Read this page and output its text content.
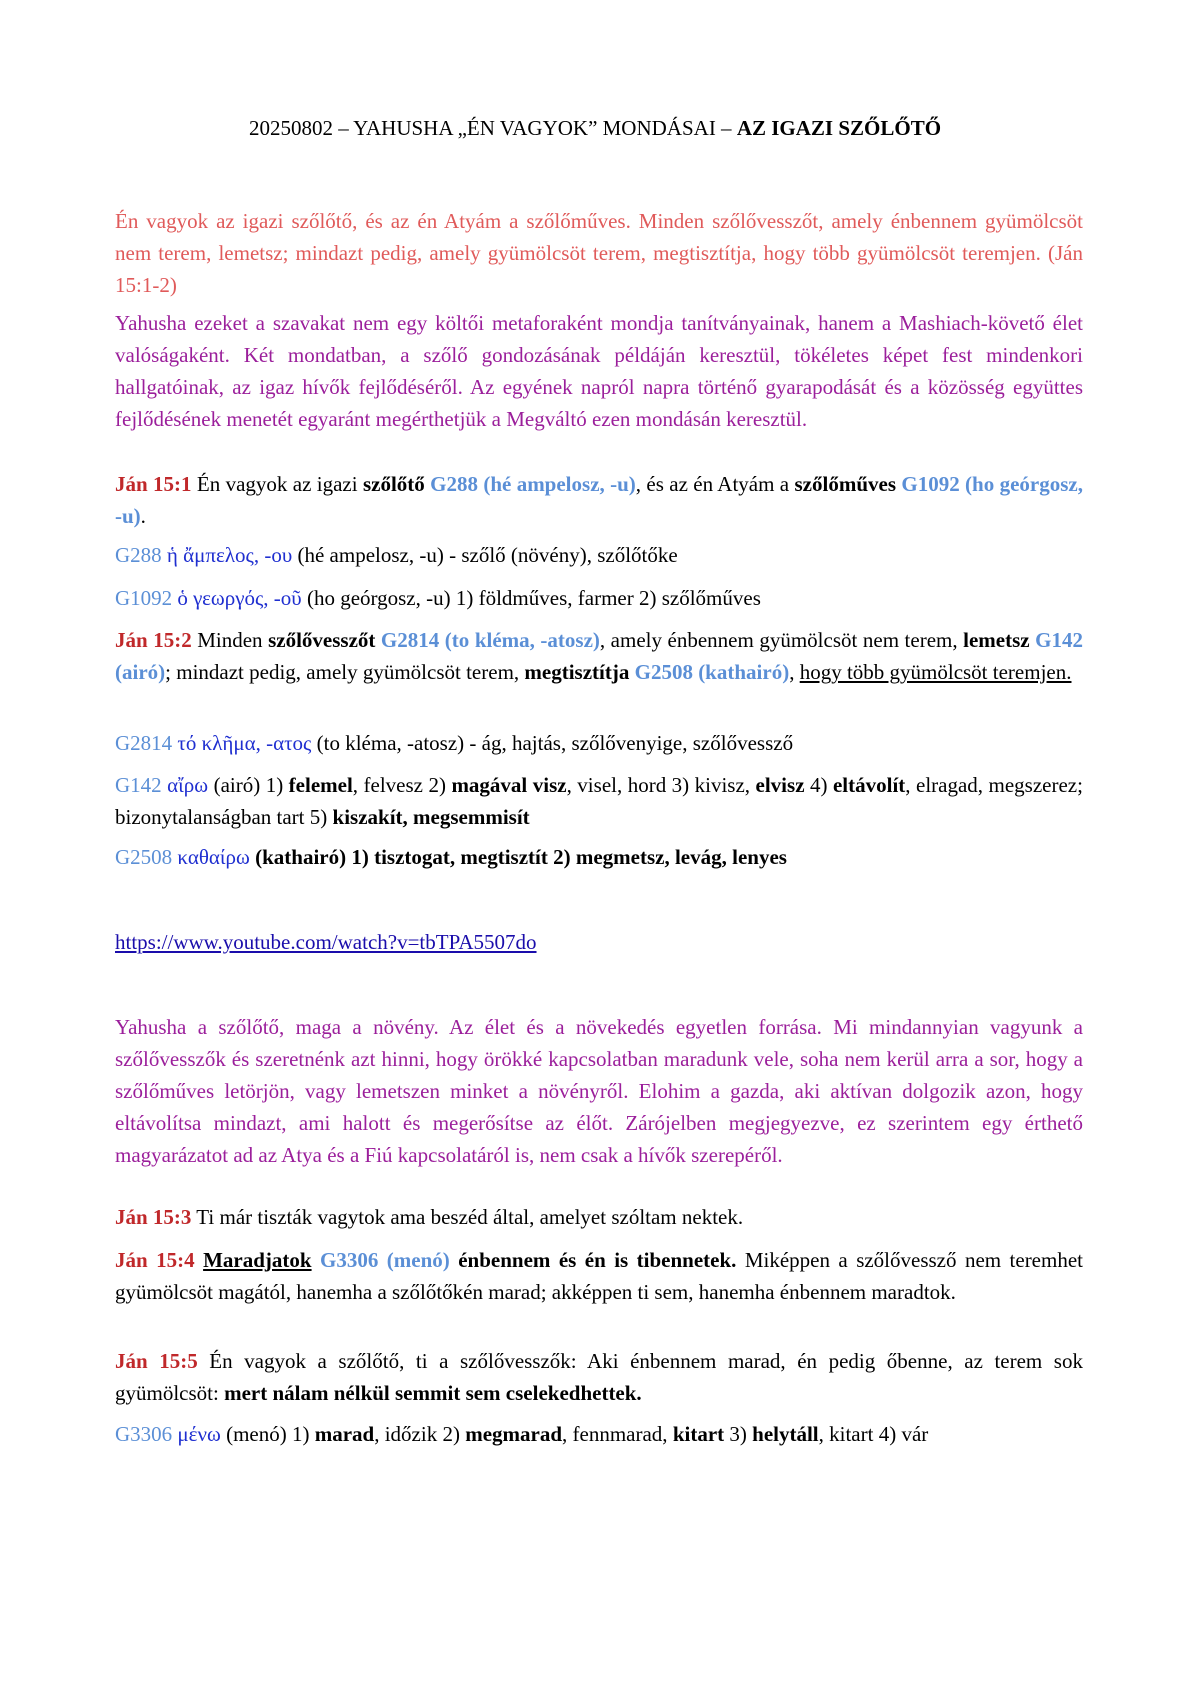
20250802 – YAHUSHA „ÉN VAGYOK” MONDÁSAI – AZ IGAZI SZŐLŐTŐ

Én vagyok az igazi szőlőtő, és az én Atyám a szőlőműves. Minden szőlővesszőt, amely énbennem gyümölcsöt nem terem, lemetsz; mindazt pedig, amely gyümölcsöt terem, megtisztítja, hogy több gyümölcsöt teremjen. (Ján 15:1-2)

Yahusha ezeket a szavakat nem egy költői metaforaként mondja tanítványainak, hanem a Mashiach-követő élet valóságaként. Két mondatban, a szőlő gondozásának példáján keresztül, tökéletes képet fest mindenkori hallgatóinak, az igaz hívők fejlődéséről. Az egyének napról napra történő gyarapodását és a közösség együttes fejlődésének menetét egyaránt megérthetjük a Megváltó ezen mondásán keresztül.

Ján 15:1 Én vagyok az igazi szőlőtő G288 (hé ampelosz, -u), és az én Atyám a szőlőműves G1092 (ho geórgosz, -u).

G288 ἡ ἄμπελος, -ου (hé ampelosz, -u) - szőlő (növény), szőlőtőke

G1092 ὁ γεωργός, -οῦ (ho geórgosz, -u) 1) földműves, farmer 2) szőlőműves

Ján 15:2 Minden szőlővesszőt G2814 (to kléma, -atosz), amely énbennem gyümölcsöt nem terem, lemetsz G142 (airó); mindazt pedig, amely gyümölcsöt terem, megtisztítja G2508 (kathairó), hogy több gyümölcsöt teremjen.

G2814 τό κλῆμα, -ατος (to kléma, -atosz) - ág, hajtás, szőlővenyige, szőlővessző

G142 αἴρω (airó) 1) felemel, felvesz 2) magával visz, visel, hord 3) kivisz, elvisz 4) eltávolít, elragad, megszerez; bizonytalanságban tart 5) kiszakít, megsemmisít

G2508 καθαίρω (kathairó) 1) tisztogat, megtisztít 2) megmetsz, levág, lenyes

https://www.youtube.com/watch?v=tbTPA5507do

Yahusha a szőlőtő, maga a növény. Az élet és a növekedés egyetlen forrása. Mi mindannyian vagyunk a szőlővesszők és szeretnénk azt hinni, hogy örökké kapcsolatban maradunk vele, soha nem kerül arra a sor, hogy a szőlőműves letörjön, vagy lemetszen minket a növényről. Elohim a gazda, aki aktívan dolgozik azon, hogy eltávolítsa mindazt, ami halott és megerősítse az élőt. Zárójelben megjegyezve, ez szerintem egy érthető magyarázatot ad az Atya és a Fiú kapcsolatáról is, nem csak a hívők szerepéről.

Ján 15:3 Ti már tiszták vagytok ama beszéd által, amelyet szóltam nektek.

Ján 15:4 Maradjatok G3306 (menó) énbennem és én is tibennetek. Miképpen a szőlővessző nem teremhet gyümölcsöt magától, hanemha a szőlőtőkén marad; akképpen ti sem, hanemha énbennem maradtok.

Ján 15:5 Én vagyok a szőlőtő, ti a szőlővesszők: Aki énbennem marad, én pedig őbenne, az terem sok gyümölcsöt: mert nálam nélkül semmit sem cselekedhettek.

G3306 μένω (menó) 1) marad, időzik 2) megmarad, fennmarad, kitart 3) helytáll, kitart 4) vár
